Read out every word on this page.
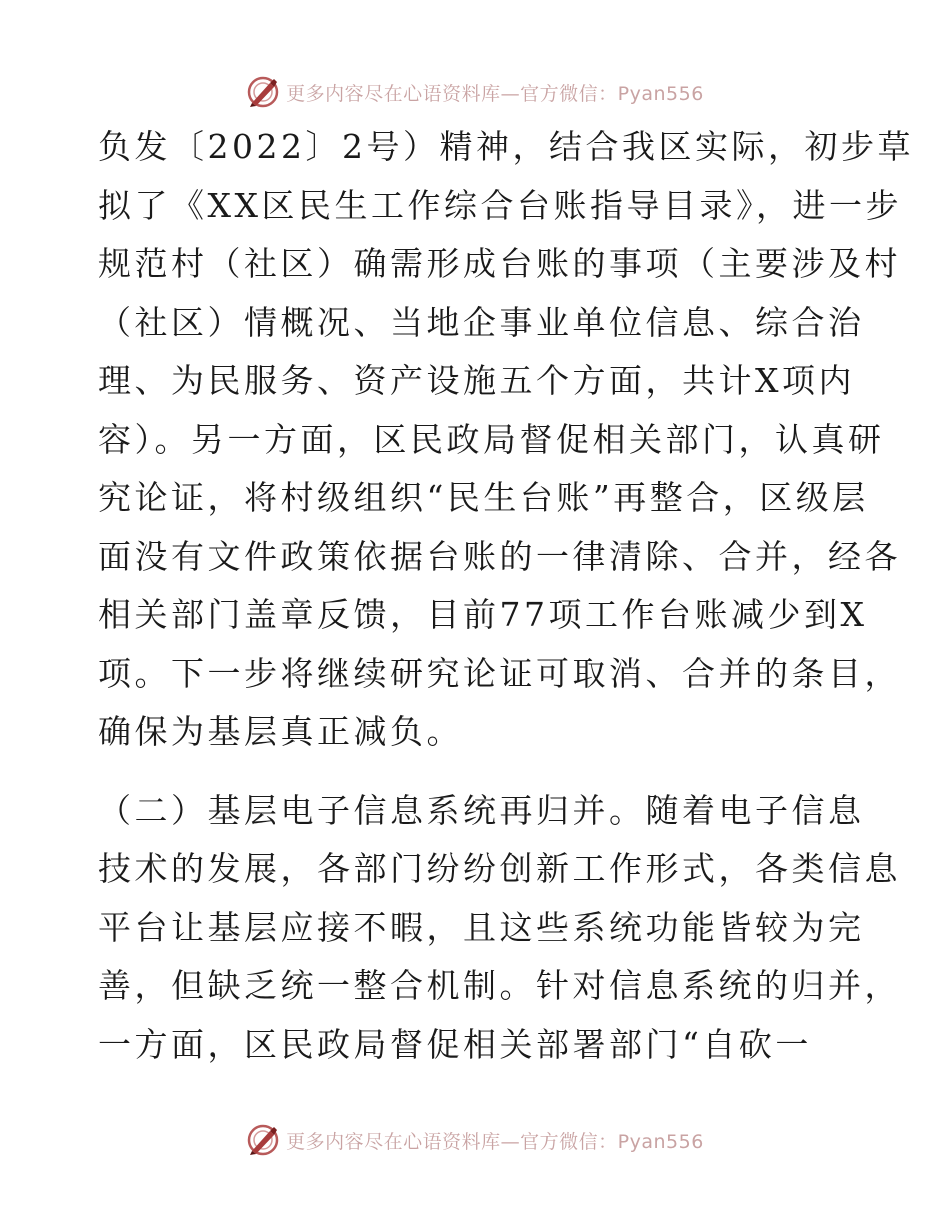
更多内容尽在心语资料库—官方微信：Pyan556
负发〔2022〕2号）精神，结合我区实际，初步草
拟了《XX区民生工作综合台账指导目录》，进一步
规范村（社区）确需形成台账的事项（主要涉及村
（社区）情概况、当地企事业单位信息、综合治
理、为民服务、资产设施五个方面，共计X项内
容）。另一方面，区民政局督促相关部门，认真研
究论证，将村级组织“民生台账”再整合，区级层
面没有文件政策依据台账的一律清除、合并，经各
相关部门盖章反馈，目前77项工作台账减少到X
项。下一步将继续研究论证可取消、合并的条目，
确保为基层真正减负。
（二）基层电子信息系统再归并。随着电子信息
技术的发展，各部门纷纷创新工作形式，各类信息
平台让基层应接不暇，且这些系统功能皆较为完
善，但缺乏统一整合机制。针对信息系统的归并，
一方面，区民政局督促相关部署部门“自砍一
更多内容尽在心语资料库—官方微信：Pyan556
